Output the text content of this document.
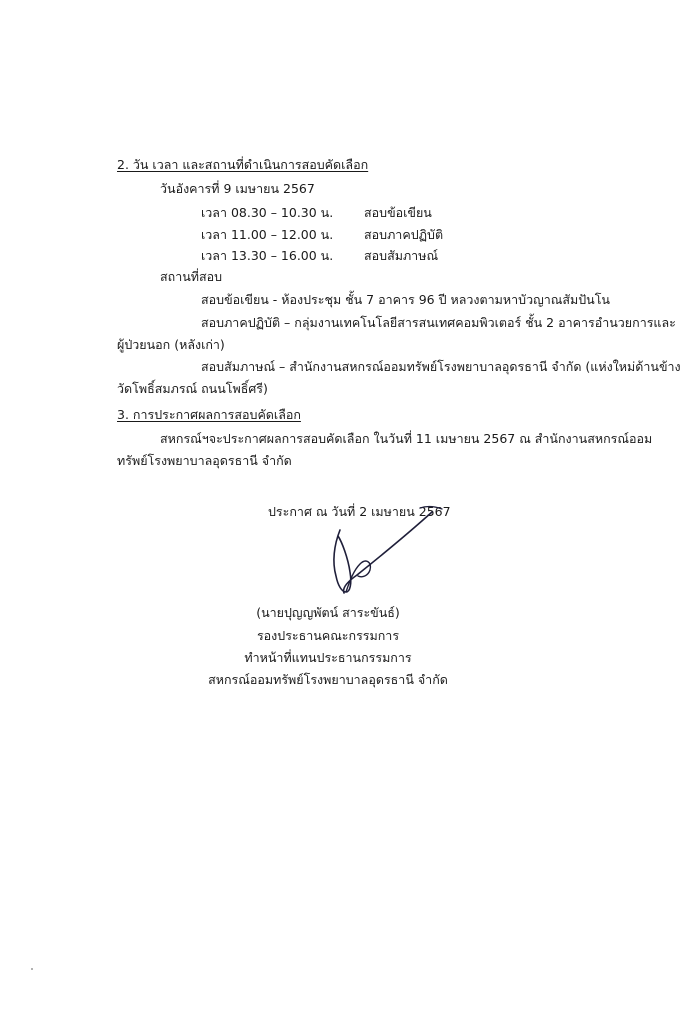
2. วัน เวลา และสถานที่ดำเนินการสอบคัดเลือก
วันอังคารที่ 9 เมษายน 2567
เวลา 08.30 – 10.30 น. สอบข้อเขียน
เวลา 11.00 – 12.00 น. สอบภาคปฏิบัติ
เวลา 13.30 – 16.00 น. สอบสัมภาษณ์
สถานที่สอบ
สอบข้อเขียน - ห้องประชุม ชั้น 7 อาคาร 96 ปี หลวงตามหาบัวญาณสัมปันโน
สอบภาคปฏิบัติ – กลุ่มงานเทคโนโลยีสารสนเทศคอมพิวเตอร์ ชั้น 2 อาคารอำนวยการและ
ผู้ป่วยนอก (หลังเก่า)
สอบสัมภาษณ์ – สำนักงานสหกรณ์ออมทรัพย์โรงพยาบาลอุดรธานี จำกัด (แห่งใหม่ด้านข้าง
วัดโพธิ์สมภรณ์ ถนนโพธิ์ศรี)
3. การประกาศผลการสอบคัดเลือก
สหกรณ์ฯจะประกาศผลการสอบคัดเลือก ในวันที่ 11 เมษายน 2567 ณ สำนักงานสหกรณ์ออม
ทรัพย์โรงพยาบาลอุดรธานี จำกัด
ประกาศ ณ วันที่ 2 เมษายน 2567
(นายปุญญพัตน์ สาระขันธ์)
รองประธานคณะกรรมการ
ทำหน้าที่แทนประธานกรรมการ
สหกรณ์ออมทรัพย์โรงพยาบาลอุดรธานี จำกัด
